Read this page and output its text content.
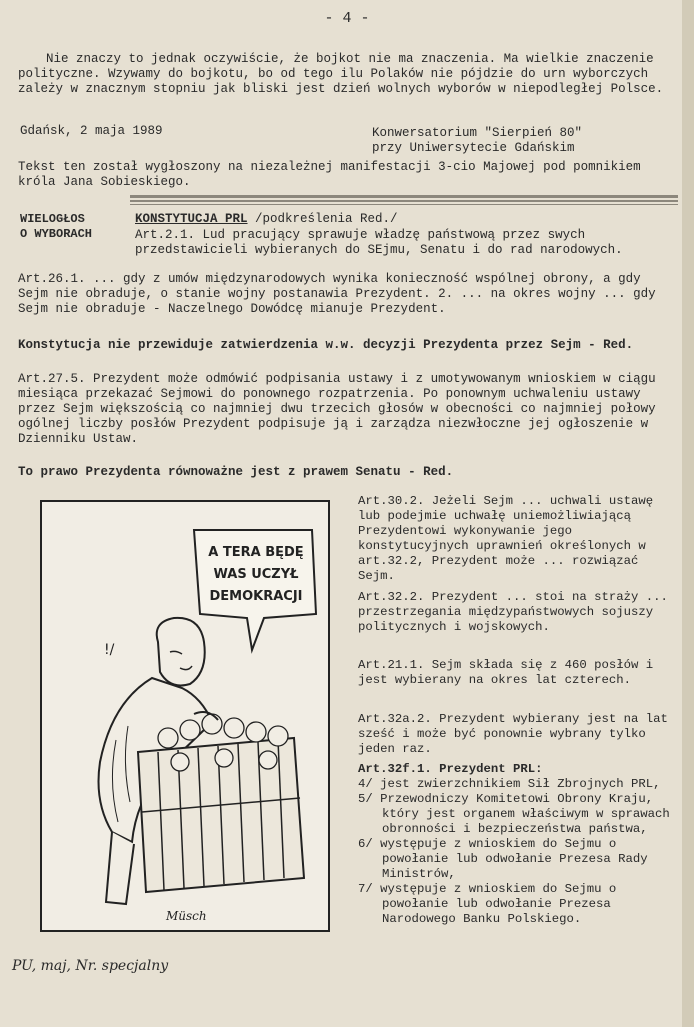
- 4 -
Nie znaczy to jednak oczywiście, że bojkot nie ma znaczenia. Ma wielkie znaczenie polityczne. Wzywamy do bojkotu, bo od tego ilu Polaków nie pójdzie do urn wyborczych zależy w znacznym stopniu jak bliski jest dzień wolnych wyborów w niepodległej Polsce.
Gdańsk, 2 maja 1989	Konwersatorium "Sierpień 80"
przy Uniwersytecie Gdańskim
Tekst ten został wygłoszony na niezależnej manifestacji 3-cio Majowej pod pomnikiem króla Jana Sobieskiego.
WIELOGŁOS
O WYBORACH
KONSTYTUCJA PRL /podkreślenia Red./
Art.2.1. Lud pracujący sprawuje władzę państwową przez swych przedstawicieli wybieranych do SEjmu, Senatu i do rad narodowych.
Art.26.1. ... gdy z umów międzynarodowych wynika konieczność wspólnej obrony, a gdy Sejm nie obraduje, o stanie wojny postanawia Prezydent. 2. ... na okres wojny ... gdy Sejm nie obraduje - Naczelnego Dowódcę mianuje Prezydent.
Konstytucja nie przewiduje zatwierdzenia w.w. decyzji Prezydenta przez Sejm - Red.
Art.27.5. Prezydent może odmówić podpisania ustawy i z umotywowanym wnioskiem w ciągu miesiąca przekazać Sejmowi do ponownego rozpatrzenia. Po ponownym uchwaleniu ustawy przez Sejm większością co najmniej dwu trzecich głosów w obecności co najmniej połowy ogólnej liczby posłów Prezydent podpisuje ją i zarządza niezwłoczne jej ogłoszenie w Dzienniku Ustaw.
To prawo Prezydenta równoważne jest z prawem Senatu - Red.
A TERA BĘDĘ
WAS UCZYŁ
DEMOKRACJI
!/
Müsch
PU, maj, Nr. specjalny
Art.30.2. Jeżeli Sejm ... uchwali ustawę lub podejmie uchwałę uniemożliwiającą Prezydentowi wykonywanie jego konstytucyjnych uprawnień określonych w art.32.2, Prezydent może ... rozwiązać Sejm.
Art.32.2. Prezydent ... stoi na straży ... przestrzegania międzypaństwowych sojuszy politycznych i wojskowych.
Art.21.1. Sejm składa się z 460 posłów i jest wybierany na okres lat czterech.
Art.32a.2. Prezydent wybierany jest na lat sześć i może być ponownie wybrany tylko jeden raz.
Art.32f.1. Prezydent PRL:
4/ jest zwierzchnikiem Sił Zbrojnych PRL,
5/ Przewodniczy Komitetowi Obrony Kraju, który jest organem właściwym w sprawach obronności i bezpieczeństwa państwa,
6/ występuje z wnioskiem do Sejmu o powołanie lub odwołanie Prezesa Rady Ministrów,
7/ występuje z wnioskiem do Sejmu o powołanie lub odwołanie Prezesa Narodowego Banku Polskiego.
